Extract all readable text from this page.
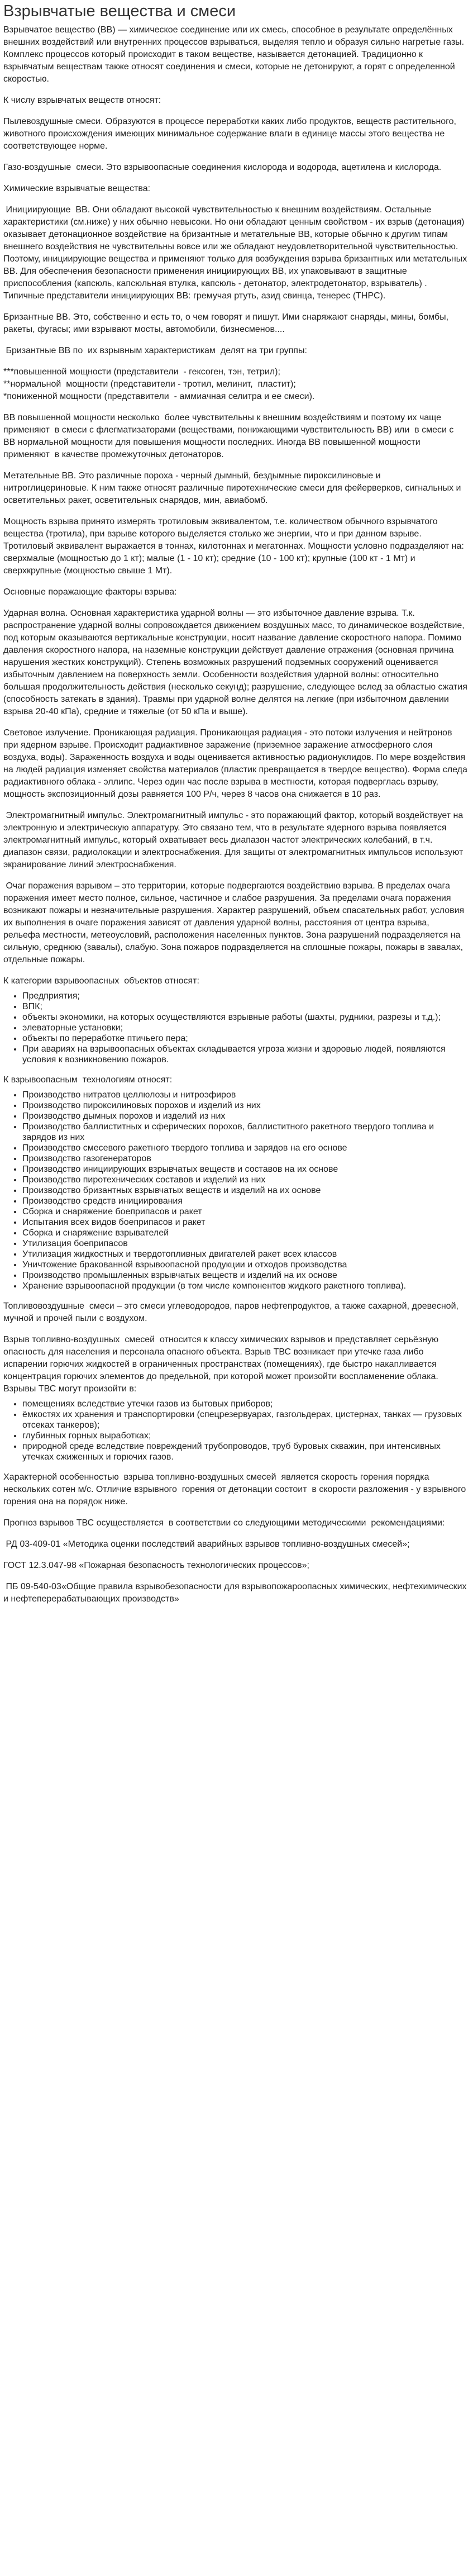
Взрывчатые вещества и смеси

Взрывчатое вещество (ВВ) — химическое соединение или их смесь, способное в результате определённых внешних воздействий или внутренних процессов взрываться, выделяя тепло и образуя сильно нагретые газы. Комплекс процессов который происходит в таком веществе, называется детонацией. Традиционно к взрывчатым веществам также относят соединения и смеси, которые не детонируют, а горят с определенной скоростью.

К числу взрывчатых веществ относят:

Пылевоздушные смеси. Образуются в процессе переработки каких либо продуктов, веществ растительного, животного происхождения имеющих минимальное содержание влаги в единице массы этого вещества не соответствующее норме.

Газо-воздушные  смеси. Это взрывоопасные соединения кислорода и водорода, ацетилена и кислорода.

Химические взрывчатые вещества:

Инициирующие  ВВ. Они обладают высокой чувствительностью к внешним воздействиям. Остальные характеристики (см.ниже) у них обычно невысоки. Но они обладают ценным свойством - их взрыв (детонация) оказывает детонационное воздействие на бризантные и метательные ВВ, которые обычно к другим типам внешнего воздействия не чувствительны вовсе или же обладают неудовлетворительной чувствительностью. Поэтому, инициирующие вещества и применяют только для возбуждения взрыва бризантных или метательных ВВ. Для обеспечения безопасности применения инициирующих ВВ, их упаковывают в защитные приспособления (капсюль, капсюльная втулка, капсюль - детонатор, электродетонатор, взрыватель) . Типичные представители инициирующих ВВ: гремучая ртуть, азид свинца, тенерес (ТНРС).

Бризантные ВВ. Это, собственно и есть то, о чем говорят и пишут. Ими снаряжают снаряды, мины, бомбы, ракеты, фугасы; ими взрывают мосты, автомобили, бизнесменов....

Бризантные ВВ по  их взрывным характеристикам  делят на три группы:

***повышенной мощности (представители  - гексоген, тэн, тетрил);
**нормальной  мощности (представители - тротил, мелинит,  пластит);
*пониженной мощности (представители  - аммиачная селитра и ее смеси).

ВВ повышенной мощности несколько  более чувствительны к внешним воздействиям и поэтому их чаще применяют  в смеси с флегматизаторами (веществами, понижающими чувствительность ВВ) или  в смеси с ВВ нормальной мощности для повышения мощности последних. Иногда ВВ повышенной мощности применяют  в качестве промежуточных детонаторов.

Метательные ВВ. Это различные пороха - черный дымный, бездымные пироксилиновые и нитроглицериновые. К ним также относят различные пиротехнические смеси для фейерверков, сигнальных и осветительных ракет, осветительных снарядов, мин, авиабомб.

Мощность взрыва принято измерять тротиловым эквивалентом, т.е. количеством обычного взрывчатого вещества (тротила), при взрыве которого выделяется столько же энергии, что и при данном взрыве. Тротиловый эквивалент выражается в тоннах, килотоннах и мегатоннах. Мощности условно подразделяют на: сверхмалые (мощностью до 1 кт); малые (1 - 10 кт); средние (10 - 100 кт); крупные (100 кт - 1 Мт) и сверхкрупные (мощностью свыше 1 Мт).

Основные поражающие факторы взрыва:

Ударная волна. Основная характеристика ударной волны — это избыточное давление взрыва. Т.к. распространение ударной волны сопровождается движением воздушных масс, то динамическое воздействие, под которым оказываются вертикальные конструкции, носит название давление скоростного напора. Помимо давления скоростного напора, на наземные конструкции действует давление отражения (основная причина нарушения жестких конструкций). Степень возможных разрушений подземных сооружений оценивается избыточным давлением на поверхность земли. Особенности воздействия ударной волны: относительно большая продолжительность действия (несколько секунд); разрушение, следующее вслед за областью сжатия (способность затекать в здания). Травмы при ударной волне делятся на легкие (при избыточном давлении взрыва 20-40 кПа), средние и тяжелые (от 50 кПа и выше).

Световое излучение. Проникающая радиация. Проникающая радиация - это потоки излучения и нейтронов при ядерном взрыве. Происходит радиактивное заражение (приземное заражение атмосферного слоя воздуха, воды). Зараженность воздуха и воды оценивается активностью радионуклидов. По мере воздействия на людей радиация изменяет свойства материалов (пластик превращается в твердое вещество). Форма следа радиактивного облака - эллипс. Через один час после взрыва в местности, которая подверглась взрыву, мощность экспозиционный дозы равняется 100 Р/ч, через 8 часов она снижается в 10 раз.

Электромагнитный импульс. Электромагнитный импульс - это поражающий фактор, который воздействует на электронную и электрическую аппаратуру. Это связано тем, что в результате ядерного взрыва появляется электромагнитный импульс, который охватывает весь диапазон частот электрических колебаний, в т.ч. диапазон связи, радиолокации и электроснабжения. Для защиты от электромагнитных импульсов используют экранирование линий электроснабжения.

Очаг поражения взрывом – это территории, которые подвергаются воздействию взрыва. В пределах очага поражения имеет место полное, сильное, частичное и слабое разрушения. За пределами очага поражения возникают пожары и незначительные разрушения. Характер разрушений, объем спасательных работ, условия их выполнения в очаге поражения зависят от давления ударной волны, расстояния от центра взрыва, рельефа местности, метеоусловий, расположения населенных пунктов. Зона разрушений подразделяется на сильную, среднюю (завалы), слабую. Зона пожаров подразделяется на сплошные пожары, пожары в завалах, отдельные пожары.

К категории взрывоопасных  объектов относят:

• Предприятия;
• ВПК;
• объекты экономики, на которых осуществляются взрывные работы (шахты, рудники, разрезы и т.д.);
• элеваторные установки;
• объекты по переработке птичьего пера;
• При авариях на взрывоопасных объектах складывается угроза жизни и здоровью людей, появляются условия к возникновению пожаров.

К взрывоопасным  технологиям относят:

• Производство нитратов целлюлозы и нитроэфиров
• Производство пироксилиновых порохов и изделий из них
• Производство дымных порохов и изделий из них
• Производство баллиститных и сферических порохов, баллиститного ракетного твердого топлива и зарядов из них
• Производство смесевого ракетного твердого топлива и зарядов на его основе
• Производство газогенераторов
• Производство инициирующих взрывчатых веществ и составов на их основе
• Производство пиротехнических составов и изделий из них
• Производство бризантных взрывчатых веществ и изделий на их основе
• Производство средств инициирования
• Сборка и снаряжение боеприпасов и ракет
• Испытания всех видов боеприпасов и ракет
• Сборка и снаряжение взрывателей
• Утилизация боеприпасов
• Утилизация жидкостных и твердотопливных двигателей ракет всех классов
• Уничтожение бракованной взрывоопасной продукции и отходов производства
• Производство промышленных взрывчатых веществ и изделий на их основе
• Хранение взрывоопасной продукции (в том числе компонентов жидкого ракетного топлива).

Топливовоздушные  смеси – это смеси углеводородов, паров нефтепродуктов, а также сахарной, древесной, мучной и прочей пыли с воздухом.

Взрыв топливно-воздушных  смесей  относится к классу химических взрывов и представляет серьёзную опасность для населения и персонала опасного объекта. Взрыв ТВС возникает при утечке газа либо испарении горючих жидкостей в ограниченных пространствах (помещениях), где быстро накапливается концентрация горючих элементов до предельной, при которой может произойти воспламенение облака. Взрывы ТВС могут произойти в:

• помещениях вследствие утечки газов из бытовых приборов;
• ёмкостях их хранения и транспортировки (спецрезервуарах, газгольдерах, цистернах, танках — грузовых отсеках танкеров);
• глубинных горных выработках;
• природной среде вследствие повреждений трубопроводов, труб буровых скважин, при интенсивных утечках сжиженных и горючих газов.

Характерной особенностью  взрыва топливно-воздушных смесей  является скорость горения порядка  нескольких сотен м/с. Отличие взрывного  горения от детонации состоит  в скорости разложения - у взрывного  горения она на порядок ниже.

Прогноз взрывов ТВС осуществляется  в соответствии со следующими методическими  рекомендациями:

РД 03-409-01 «Методика оценки последствий аварийных взрывов топливно-воздушных смесей»;

ГОСТ 12.3.047-98 «Пожарная безопасность технологических процессов»;

ПБ 09-540-03«Общие правила взрывобезопасности для взрывопожароопасных химических, нефтехимических и нефтеперерабатывающих производств»
